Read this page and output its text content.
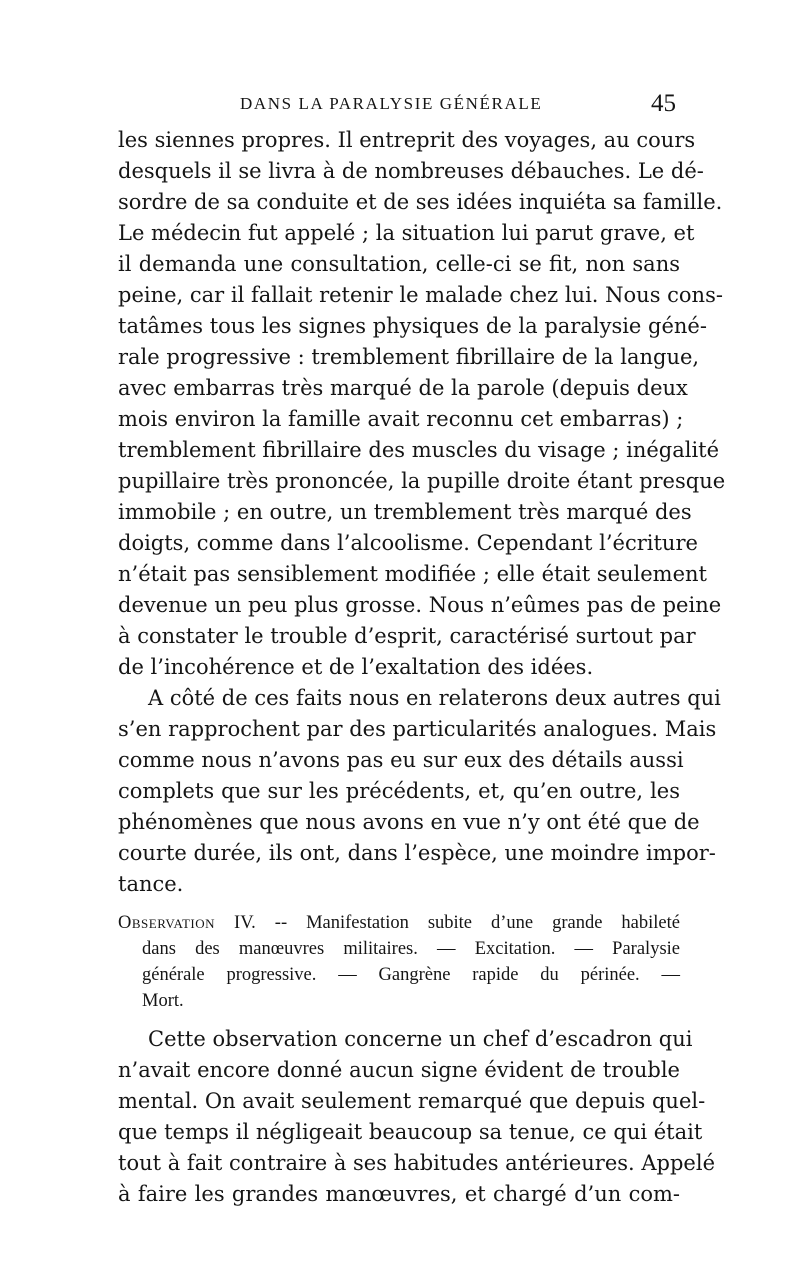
DANS LA PARALYSIE GÉNÉRALE	45
les siennes propres. Il entreprit des voyages, au cours
desquels il se livra à de nombreuses débauches. Le dé-
sordre de sa conduite et de ses idées inquiéta sa famille.
Le médecin fut appelé ; la situation lui parut grave, et
il demanda une consultation, celle-ci se fit, non sans
peine, car il fallait retenir le malade chez lui. Nous cons-
tatâmes tous les signes physiques de la paralysie géné-
rale progressive : tremblement fibrillaire de la langue,
avec embarras très marqué de la parole (depuis deux
mois environ la famille avait reconnu cet embarras) ;
tremblement fibrillaire des muscles du visage ; inégalité
pupillaire très prononcée, la pupille droite étant presque
immobile ; en outre, un tremblement très marqué des
doigts, comme dans l’alcoolisme. Cependant l’écriture
n’était pas sensiblement modifiée ; elle était seulement
devenue un peu plus grosse. Nous n’eûmes pas de peine
à constater le trouble d’esprit, caractérisé surtout par
de l’incohérence et de l’exaltation des idées.
A côté de ces faits nous en relaterons deux autres qui
s’en rapprochent par des particularités analogues. Mais
comme nous n’avons pas eu sur eux des détails aussi
complets que sur les précédents, et, qu’en outre, les
phénomènes que nous avons en vue n’y ont été que de
courte durée, ils ont, dans l’espèce, une moindre impor-
tance.
Observation IV. -- Manifestation subite d’une grande habileté
dans des manœuvres militaires. — Excitation. — Paralysie
générale progressive. — Gangrène rapide du périnée. —
Mort.
Cette observation concerne un chef d’escadron qui
n’avait encore donné aucun signe évident de trouble
mental. On avait seulement remarqué que depuis quel-
que temps il négligeait beaucoup sa tenue, ce qui était
tout à fait contraire à ses habitudes antérieures. Appelé
à faire les grandes manœuvres, et chargé d’un com-
